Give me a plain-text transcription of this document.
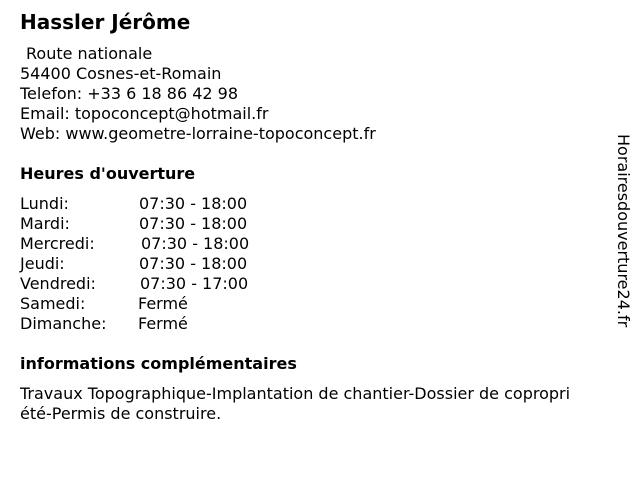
Hassler Jérôme
Route nationale
54400 Cosnes-et-Romain
Telefon: +33 6 18 86 42 98
Email: topoconcept@hotmail.fr
Web: www.geometre-lorraine-topoconcept.fr
Heures d'ouverture
Lundi:	07:30 - 18:00
Mardi:	07:30 - 18:00
Mercredi:	07:30 - 18:00
Jeudi:	07:30 - 18:00
Vendredi:	07:30 - 17:00
Samedi:	Fermé
Dimanche: Fermé
informations complémentaires
Travaux Topographique-Implantation de chantier-Dossier de copropri
été-Permis de construire.
Horairesdouverture24.fr
